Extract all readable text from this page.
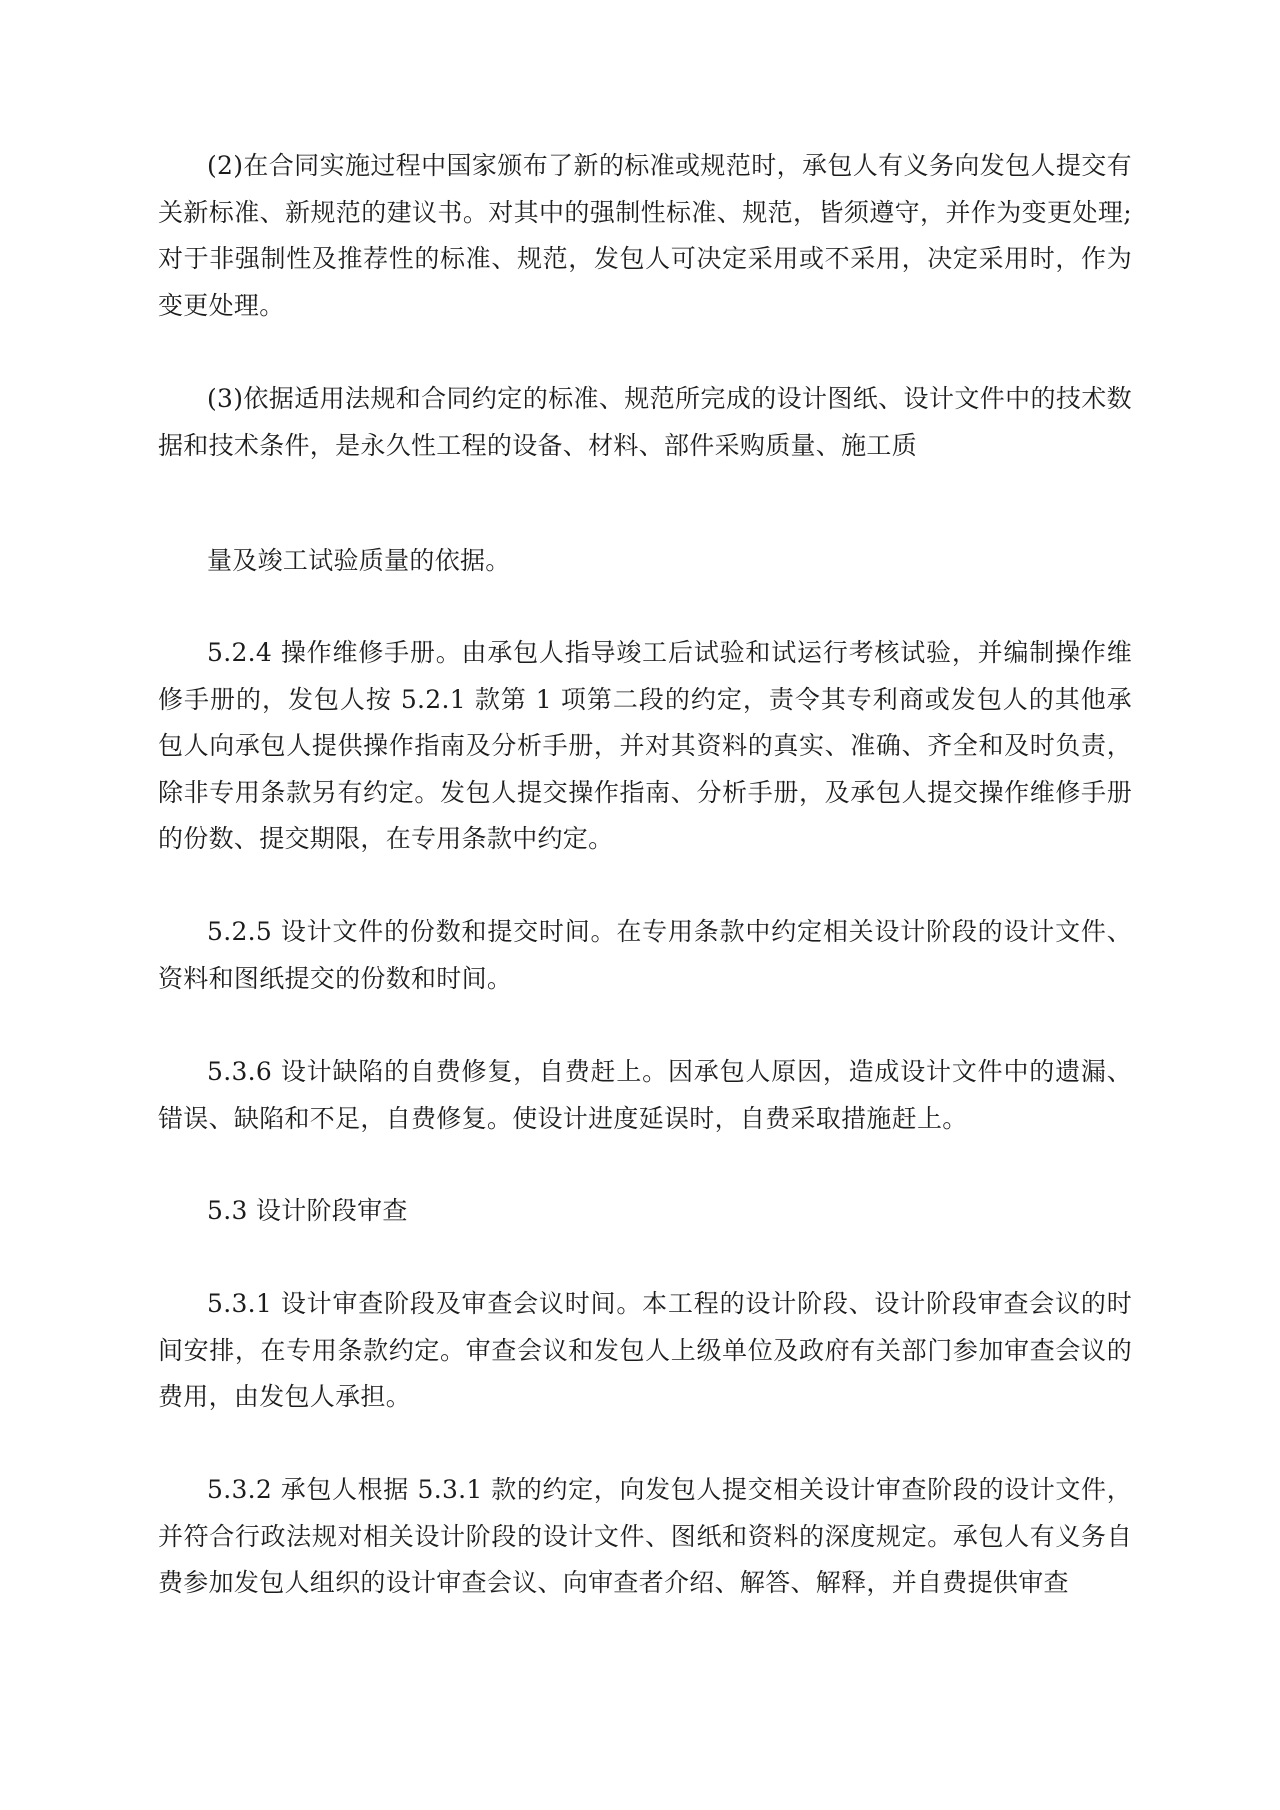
(2)在合同实施过程中国家颁布了新的标准或规范时，承包人有义务向发包人提交有关新标准、新规范的建议书。对其中的强制性标准、规范，皆须遵守，并作为变更处理;对于非强制性及推荐性的标准、规范，发包人可决定采用或不采用，决定采用时，作为变更处理。

(3)依据适用法规和合同约定的标准、规范所完成的设计图纸、设计文件中的技术数据和技术条件，是永久性工程的设备、材料、部件采购质量、施工质

量及竣工试验质量的依据。

5.2.4 操作维修手册。由承包人指导竣工后试验和试运行考核试验，并编制操作维修手册的，发包人按 5.2.1 款第 1 项第二段的约定，责令其专利商或发包人的其他承包人向承包人提供操作指南及分析手册，并对其资料的真实、准确、齐全和及时负责，除非专用条款另有约定。发包人提交操作指南、分析手册，及承包人提交操作维修手册的份数、提交期限，在专用条款中约定。

5.2.5 设计文件的份数和提交时间。在专用条款中约定相关设计阶段的设计文件、资料和图纸提交的份数和时间。

5.3.6 设计缺陷的自费修复，自费赶上。因承包人原因，造成设计文件中的遗漏、错误、缺陷和不足，自费修复。使设计进度延误时，自费采取措施赶上。

5.3 设计阶段审查

5.3.1 设计审查阶段及审查会议时间。本工程的设计阶段、设计阶段审查会议的时间安排，在专用条款约定。审查会议和发包人上级单位及政府有关部门参加审查会议的费用，由发包人承担。

5.3.2 承包人根据 5.3.1 款的约定，向发包人提交相关设计审查阶段的设计文件，并符合行政法规对相关设计阶段的设计文件、图纸和资料的深度规定。承包人有义务自费参加发包人组织的设计审查会议、向审查者介绍、解答、解释，并自费提供审查
